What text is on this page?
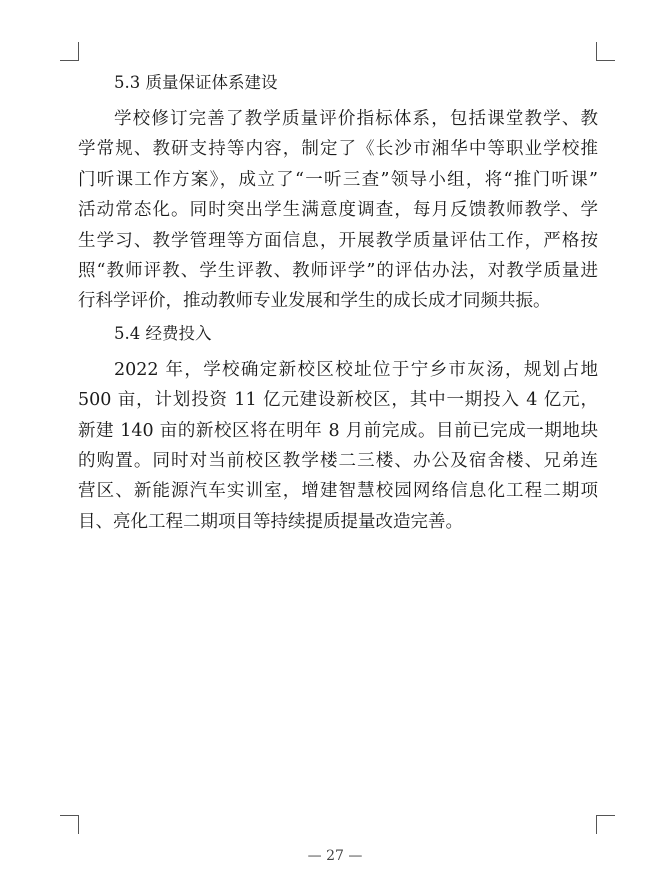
5.3 质量保证体系建设
学校修订完善了教学质量评价指标体系，包括课堂教学、教
学常规、教研支持等内容，制定了《长沙市湘华中等职业学校推
门听课工作方案》，成立了“一听三查”领导小组，将“推门听课”
活动常态化。同时突出学生满意度调查，每月反馈教师教学、学
生学习、教学管理等方面信息，开展教学质量评估工作，严格按
照“教师评教、学生评教、教师评学”的评估办法，对教学质量进
行科学评价，推动教师专业发展和学生的成长成才同频共振。
5.4 经费投入
2022 年，学校确定新校区校址位于宁乡市灰汤，规划占地
500 亩，计划投资 11 亿元建设新校区，其中一期投入 4 亿元，
新建 140 亩的新校区将在明年 8 月前完成。目前已完成一期地块
的购置。同时对当前校区教学楼二三楼、办公及宿舍楼、兄弟连
营区、新能源汽车实训室，增建智慧校园网络信息化工程二期项
目、亮化工程二期项目等持续提质提量改造完善。
— 27 —
